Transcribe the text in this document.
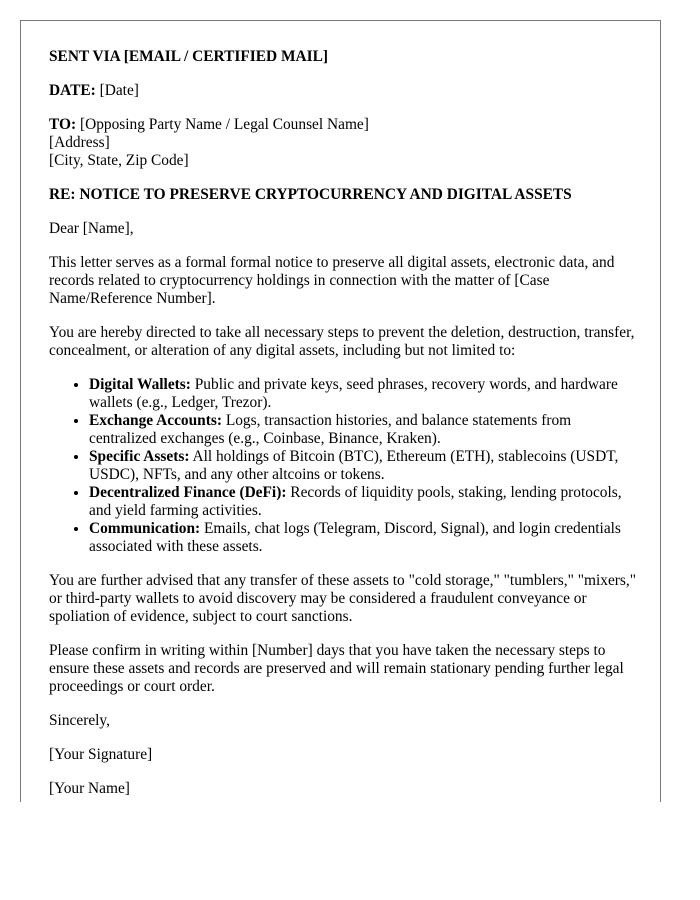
SENT VIA [EMAIL / CERTIFIED MAIL]

DATE: [Date]

TO: [Opposing Party Name / Legal Counsel Name]
[Address]
[City, State, Zip Code]

RE: NOTICE TO PRESERVE CRYPTOCURRENCY AND DIGITAL ASSETS

Dear [Name],

This letter serves as a formal formal notice to preserve all digital assets, electronic data, and records related to cryptocurrency holdings in connection with the matter of [Case Name/Reference Number].

You are hereby directed to take all necessary steps to prevent the deletion, destruction, transfer, concealment, or alteration of any digital assets, including but not limited to:

• Digital Wallets: Public and private keys, seed phrases, recovery words, and hardware wallets (e.g., Ledger, Trezor).
• Exchange Accounts: Logs, transaction histories, and balance statements from centralized exchanges (e.g., Coinbase, Binance, Kraken).
• Specific Assets: All holdings of Bitcoin (BTC), Ethereum (ETH), stablecoins (USDT, USDC), NFTs, and any other altcoins or tokens.
• Decentralized Finance (DeFi): Records of liquidity pools, staking, lending protocols, and yield farming activities.
• Communication: Emails, chat logs (Telegram, Discord, Signal), and login credentials associated with these assets.

You are further advised that any transfer of these assets to "cold storage," "tumblers," "mixers," or third-party wallets to avoid discovery may be considered a fraudulent conveyance or spoliation of evidence, subject to court sanctions.

Please confirm in writing within [Number] days that you have taken the necessary steps to ensure these assets and records are preserved and will remain stationary pending further legal proceedings or court order.

Sincerely,

[Your Signature]

[Your Name]
